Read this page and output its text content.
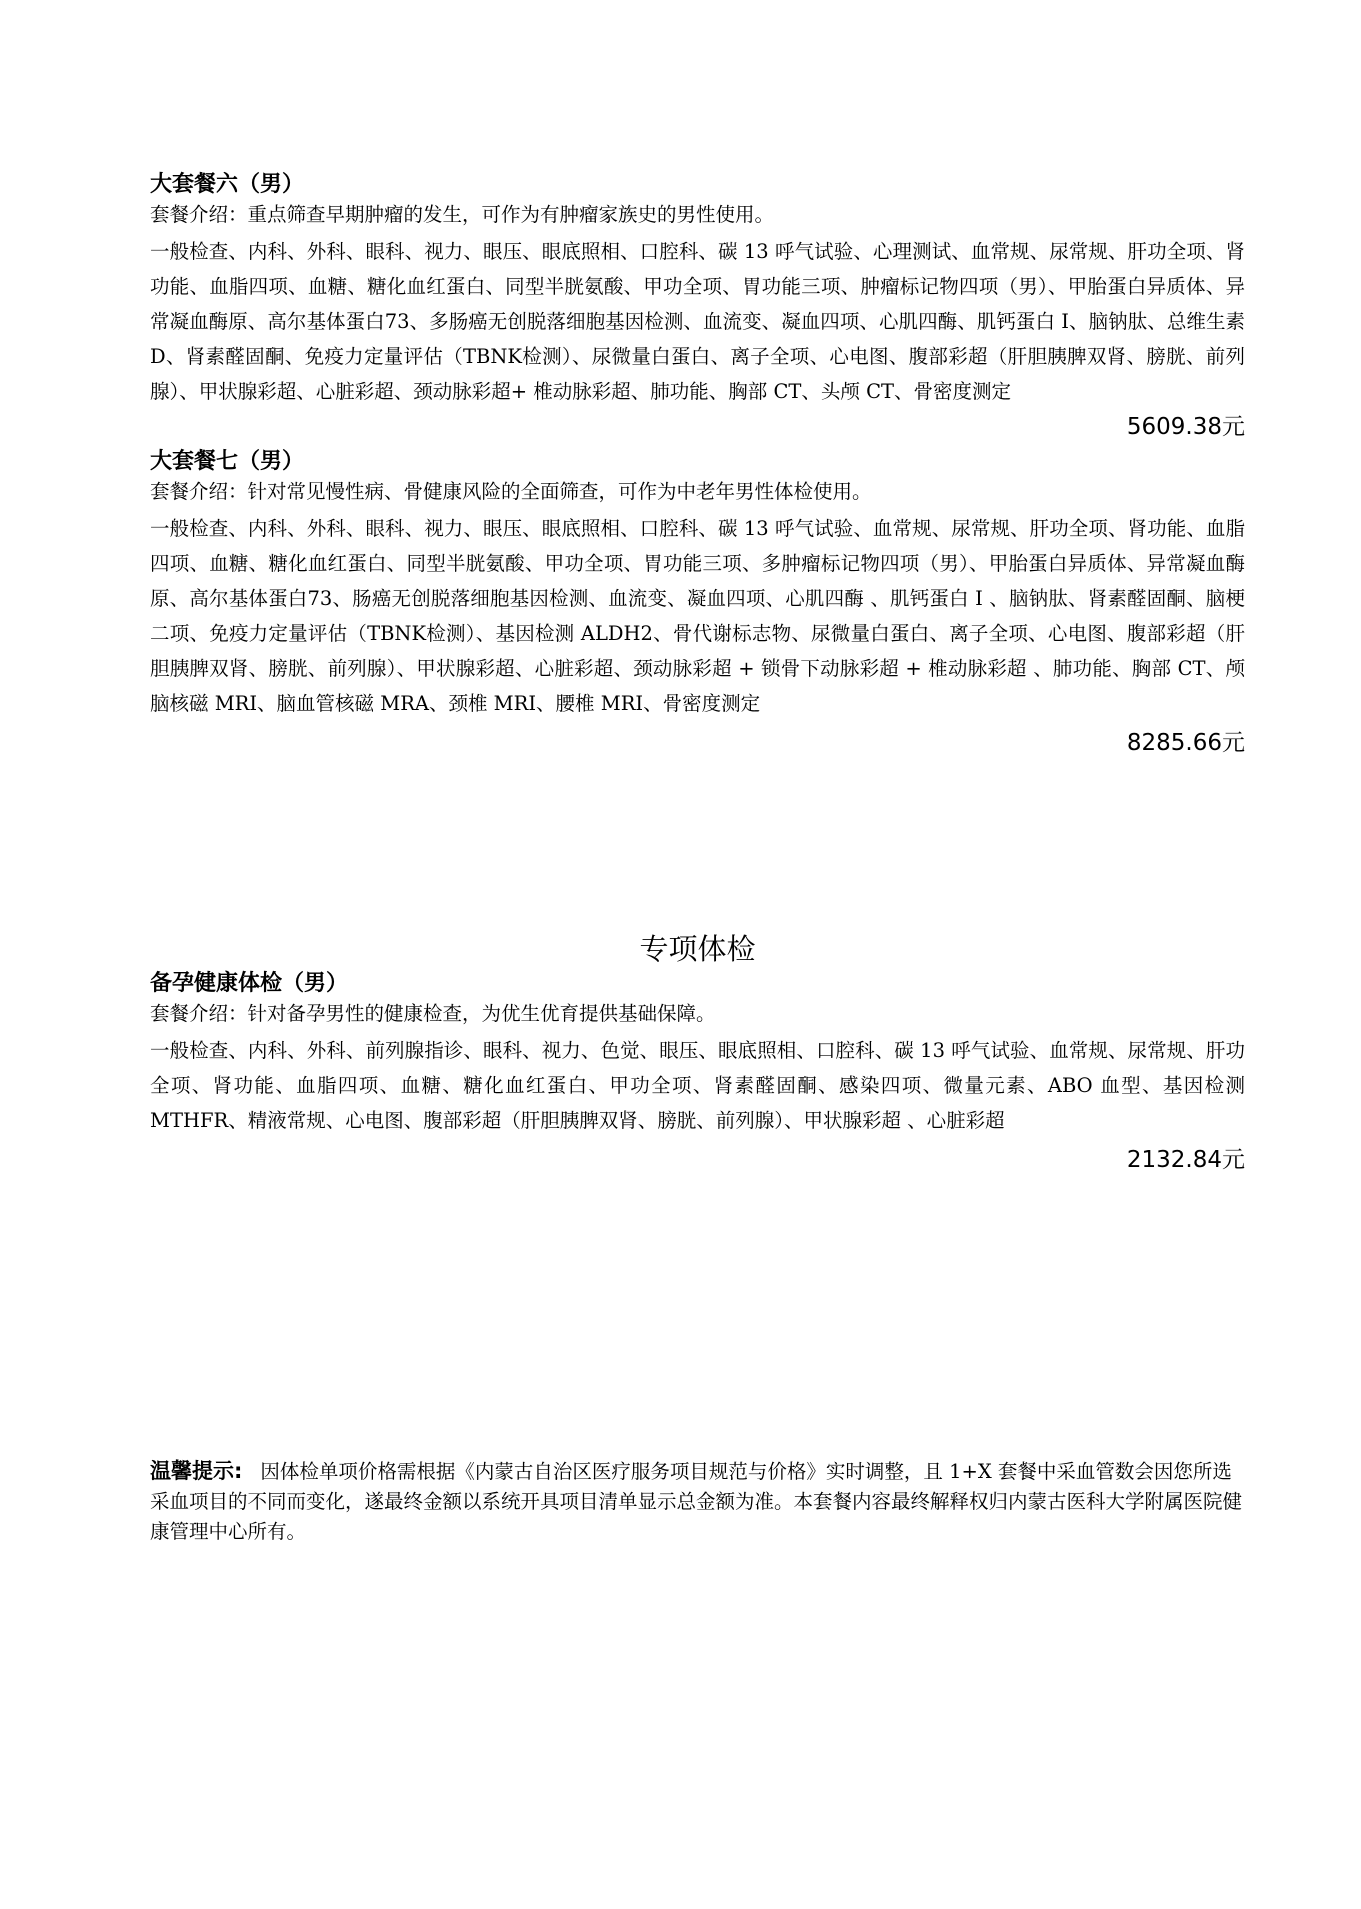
大套餐六（男）

套餐介绍：重点筛查早期肿瘤的发生，可作为有肿瘤家族史的男性使用。

一般检查、内科、外科、眼科、视力、眼压、眼底照相、口腔科、碳 13 呼气试验、心理测试、血常规、尿常规、肝功全项、肾功能、血脂四项、血糖、糖化血红蛋白、同型半胱氨酸、甲功全项、胃功能三项、肿瘤标记物四项（男）、甲胎蛋白异质体、异常凝血酶原、高尔基体蛋白73、多肠癌无创脱落细胞基因检测、血流变、凝血四项、心肌四酶、肌钙蛋白 I、脑钠肽、总维生素 D、肾素醛固酮、免疫力定量评估（TBNK检测）、尿微量白蛋白、离子全项、心电图、腹部彩超（肝胆胰脾双肾、膀胱、前列腺）、甲状腺彩超、心脏彩超、颈动脉彩超+ 椎动脉彩超、肺功能、胸部 CT、头颅 CT、骨密度测定

5609.38元

大套餐七（男）

套餐介绍：针对常见慢性病、骨健康风险的全面筛查，可作为中老年男性体检使用。

一般检查、内科、外科、眼科、视力、眼压、眼底照相、口腔科、碳 13 呼气试验、血常规、尿常规、肝功全项、肾功能、血脂四项、血糖、糖化血红蛋白、同型半胱氨酸、甲功全项、胃功能三项、多肿瘤标记物四项（男）、甲胎蛋白异质体、异常凝血酶原、高尔基体蛋白73、肠癌无创脱落细胞基因检测、血流变、凝血四项、心肌四酶 、肌钙蛋白 I 、脑钠肽、肾素醛固酮、脑梗二项、免疫力定量评估（TBNK检测）、基因检测 ALDH2、骨代谢标志物、尿微量白蛋白、离子全项、心电图、腹部彩超（肝胆胰脾双肾、膀胱、前列腺）、甲状腺彩超、心脏彩超、颈动脉彩超 + 锁骨下动脉彩超 + 椎动脉彩超 、肺功能、胸部 CT、颅脑核磁 MRI、脑血管核磁 MRA、颈椎 MRI、腰椎 MRI、骨密度测定

8285.66元

专项体检

备孕健康体检（男）

套餐介绍：针对备孕男性的健康检查，为优生优育提供基础保障。

一般检查、内科、外科、前列腺指诊、眼科、视力、色觉、眼压、眼底照相、口腔科、碳 13 呼气试验、血常规、尿常规、肝功全项、肾功能、血脂四项、血糖、糖化血红蛋白、甲功全项、肾素醛固酮、感染四项、微量元素、ABO 血型、基因检测 MTHFR、精液常规、心电图、腹部彩超（肝胆胰脾双肾、膀胱、前列腺）、甲状腺彩超 、心脏彩超

2132.84元

温馨提示: 因体检单项价格需根据《内蒙古自治区医疗服务项目规范与价格》实时调整，且 1+X 套餐中采血管数会因您所选采血项目的不同而变化，遂最终金额以系统开具项目清单显示总金额为准。本套餐内容最终解释权归内蒙古医科大学附属医院健康管理中心所有。
